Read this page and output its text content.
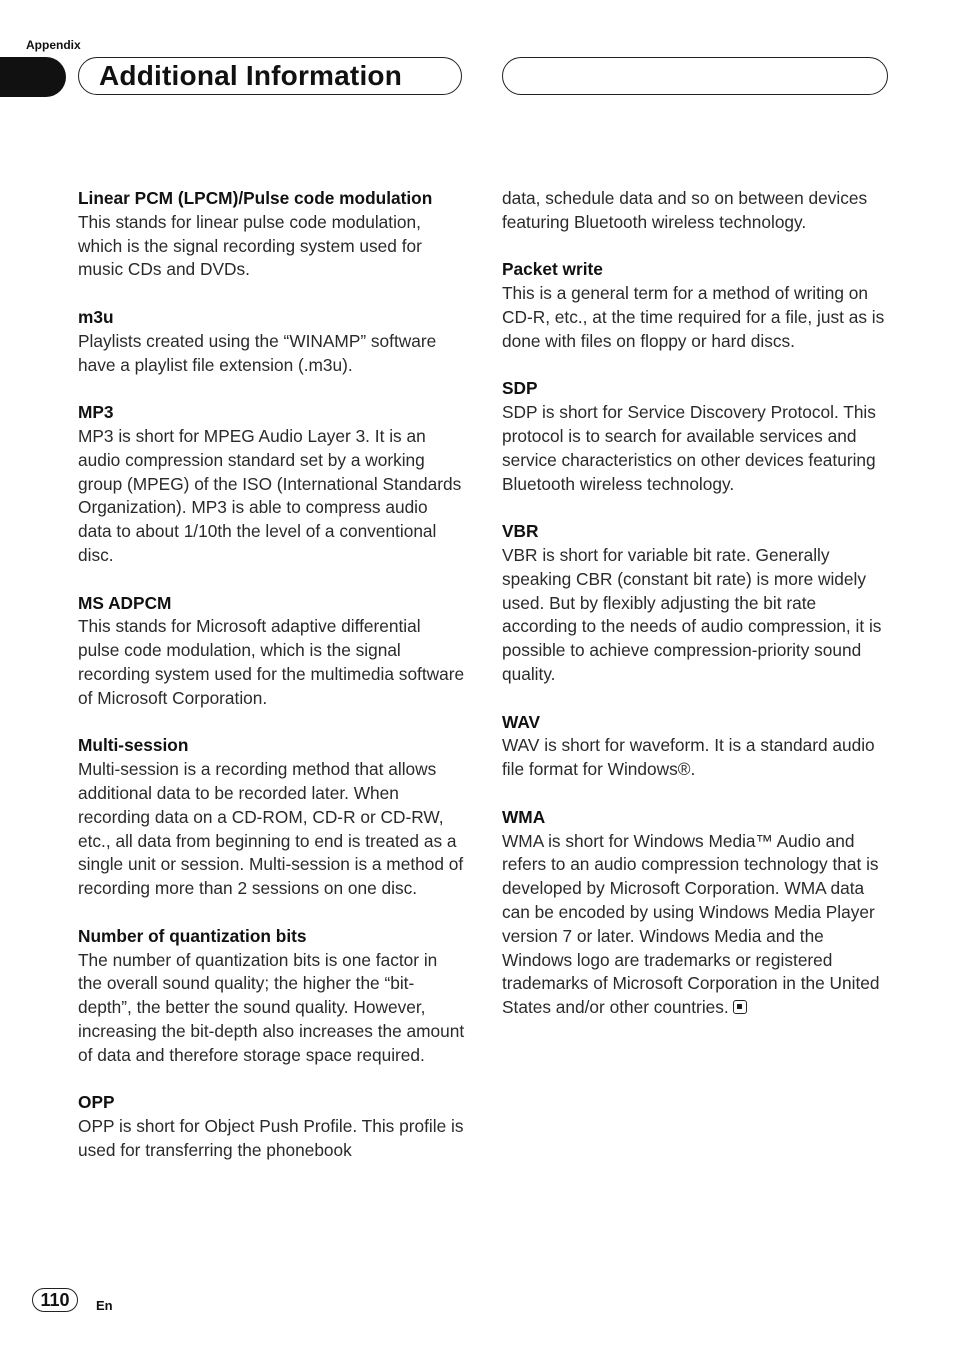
Appendix
Additional Information

Linear PCM (LPCM)/Pulse code modulation

This stands for linear pulse code modulation, which is the signal recording system used for music CDs and DVDs.

m3u

Playlists created using the “WINAMP” software have a playlist file extension (.m3u).

MP3

MP3 is short for MPEG Audio Layer 3. It is an audio compression standard set by a working group (MPEG) of the ISO (International Standards Organization). MP3 is able to compress audio data to about 1/10th the level of a conventional disc.

MS ADPCM

This stands for Microsoft adaptive differential pulse code modulation, which is the signal recording system used for the multimedia software of Microsoft Corporation.

Multi-session

Multi-session is a recording method that allows additional data to be recorded later. When recording data on a CD-ROM, CD-R or CD-RW, etc., all data from beginning to end is treated as a single unit or session. Multi-session is a method of recording more than 2 sessions on one disc.

Number of quantization bits

The number of quantization bits is one factor in the overall sound quality; the higher the “bit-depth”, the better the sound quality. However, increasing the bit-depth also increases the amount of data and therefore storage space required.

OPP

OPP is short for Object Push Profile. This profile is used for transferring the phonebook

data, schedule data and so on between devices featuring Bluetooth wireless technology.

Packet write

This is a general term for a method of writing on CD-R, etc., at the time required for a file, just as is done with files on floppy or hard discs.

SDP

SDP is short for Service Discovery Protocol. This protocol is to search for available services and service characteristics on other devices featuring Bluetooth wireless technology.

VBR

VBR is short for variable bit rate. Generally speaking CBR (constant bit rate) is more widely used. But by flexibly adjusting the bit rate according to the needs of audio compression, it is possible to achieve compression-priority sound quality.

WAV

WAV is short for waveform. It is a standard audio file format for Windows®.

WMA

WMA is short for Windows Media™ Audio and refers to an audio compression technology that is developed by Microsoft Corporation. WMA data can be encoded by using Windows Media Player version 7 or later. Windows Media and the Windows logo are trademarks or registered trademarks of Microsoft Corporation in the United States and/or other countries.

110	En
